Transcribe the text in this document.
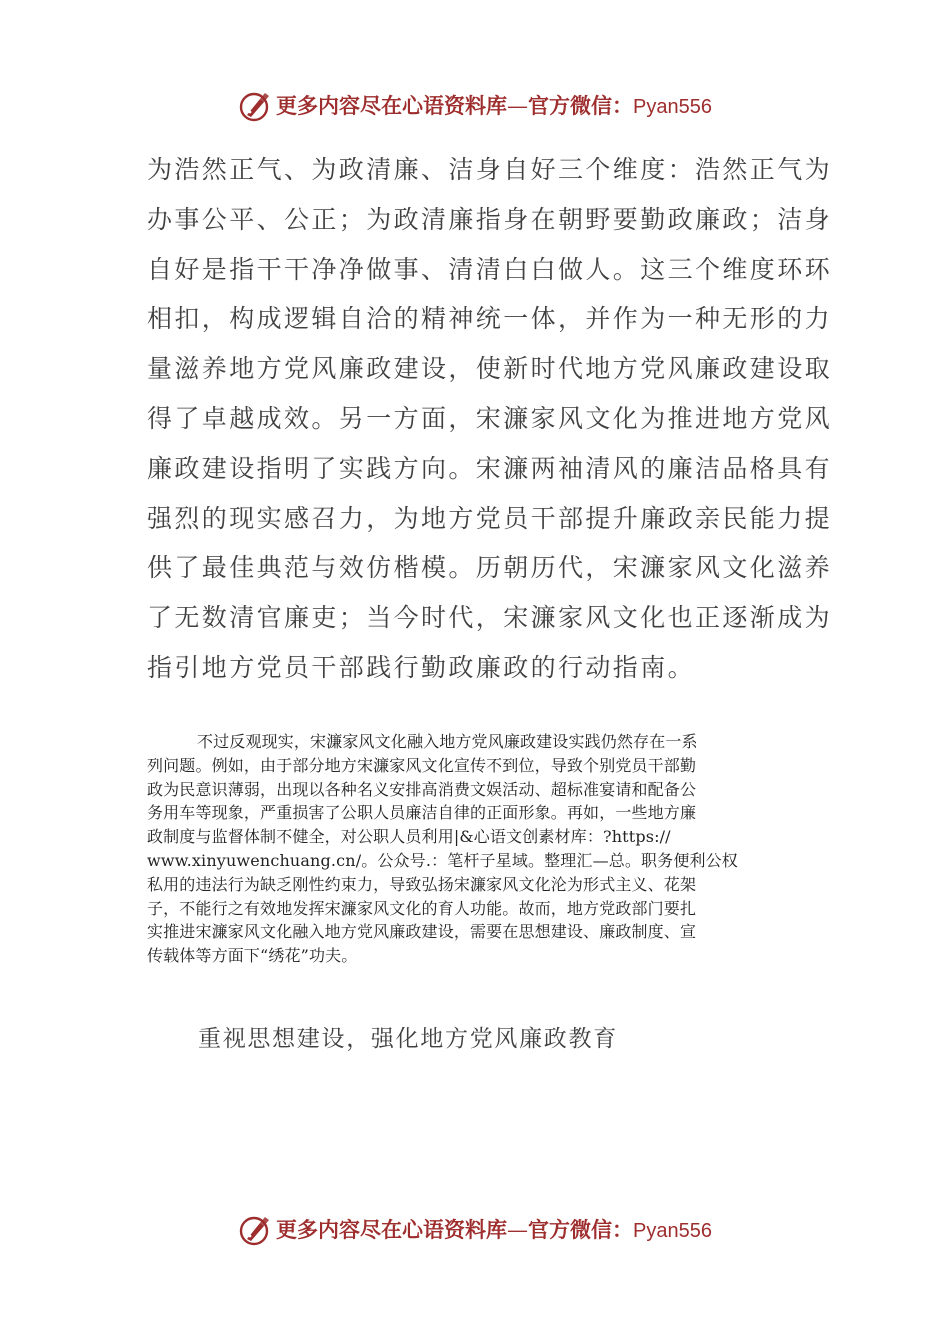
更多内容尽在心语资料库—官方微信：Pyan556
为浩然正气、为政清廉、洁身自好三个维度：浩然正气为
办事公平、公正；为政清廉指身在朝野要勤政廉政；洁身
自好是指干干净净做事、清清白白做人。这三个维度环环
相扣，构成逻辑自洽的精神统一体，并作为一种无形的力
量滋养地方党风廉政建设，使新时代地方党风廉政建设取
得了卓越成效。另一方面，宋濂家风文化为推进地方党风
廉政建设指明了实践方向。宋濂两袖清风的廉洁品格具有
强烈的现实感召力，为地方党员干部提升廉政亲民能力提
供了最佳典范与效仿楷模。历朝历代，宋濂家风文化滋养
了无数清官廉吏；当今时代，宋濂家风文化也正逐渐成为
指引地方党员干部践行勤政廉政的行动指南。
不过反观现实，宋濂家风文化融入地方党风廉政建设实践仍然存在一系
列问题。例如，由于部分地方宋濂家风文化宣传不到位，导致个别党员干部勤
政为民意识薄弱，出现以各种名义安排高消费文娱活动、超标准宴请和配备公
务用车等现象，严重损害了公职人员廉洁自律的正面形象。再如，一些地方廉
政制度与监督体制不健全，对公职人员利用|&心语文创素材库：?https://
www.xinyuwenchuang.cn/。公众号.：笔杆子星域。整理汇—总。职务便利公权
私用的违法行为缺乏刚性约束力，导致弘扬宋濂家风文化沦为形式主义、花架
子，不能行之有效地发挥宋濂家风文化的育人功能。故而，地方党政部门要扎
实推进宋濂家风文化融入地方党风廉政建设，需要在思想建设、廉政制度、宣
传载体等方面下“绣花”功夫。
重视思想建设，强化地方党风廉政教育
更多内容尽在心语资料库—官方微信：Pyan556
